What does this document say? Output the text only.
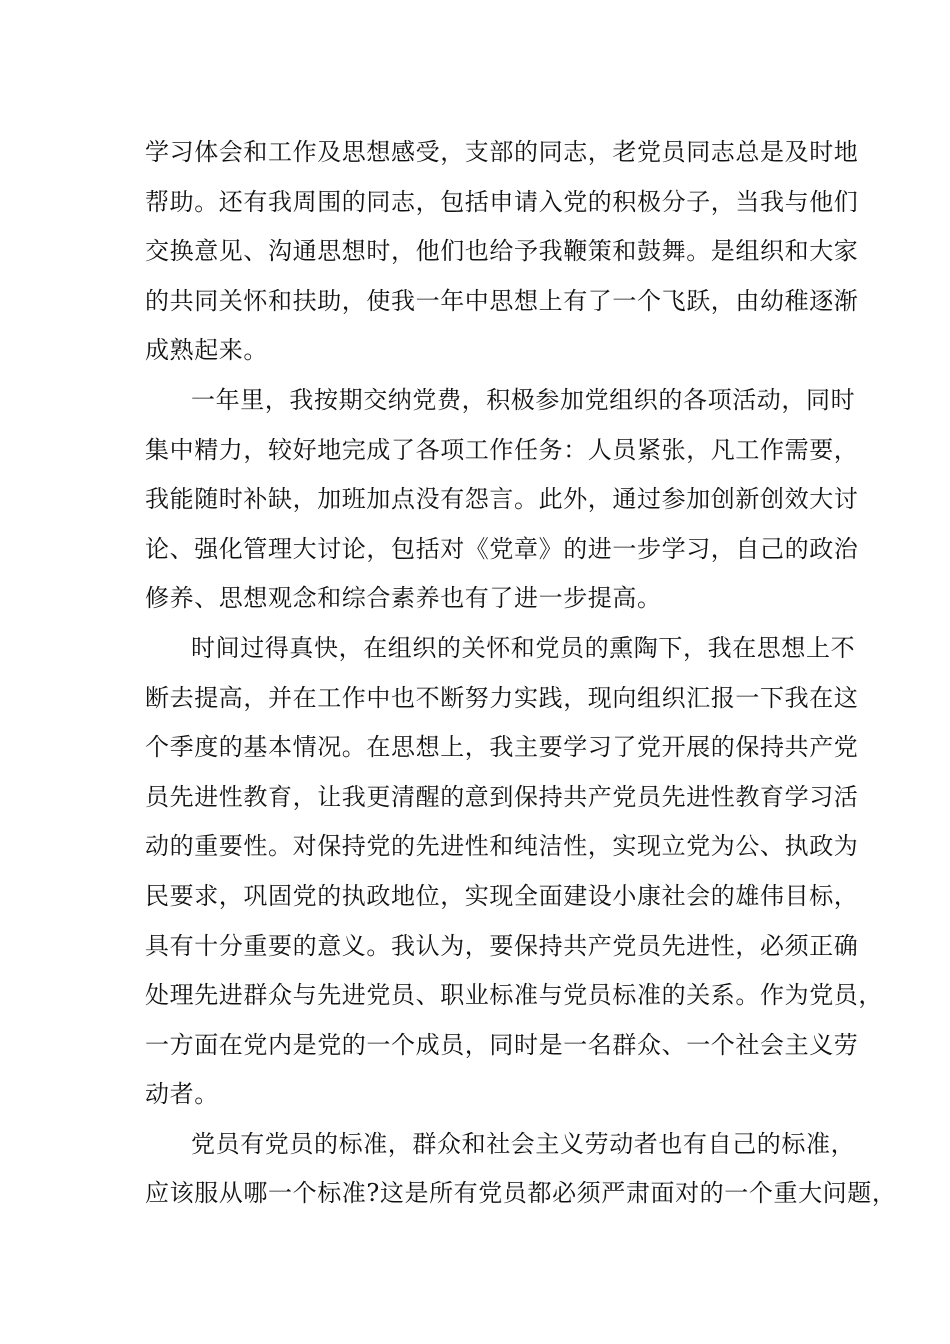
学习体会和工作及思想感受，支部的同志，老党员同志总是及时地
帮助。还有我周围的同志，包括申请入党的积极分子，当我与他们
交换意见、沟通思想时，他们也给予我鞭策和鼓舞。是组织和大家
的共同关怀和扶助，使我一年中思想上有了一个飞跃，由幼稚逐渐
成熟起来。
一年里，我按期交纳党费，积极参加党组织的各项活动，同时
集中精力，较好地完成了各项工作任务：人员紧张，凡工作需要，
我能随时补缺，加班加点没有怨言。此外，通过参加创新创效大讨
论、强化管理大讨论，包括对《党章》的进一步学习，自己的政治
修养、思想观念和综合素养也有了进一步提高。
时间过得真快，在组织的关怀和党员的熏陶下，我在思想上不
断去提高，并在工作中也不断努力实践，现向组织汇报一下我在这
个季度的基本情况。在思想上，我主要学习了党开展的保持共产党
员先进性教育，让我更清醒的意到保持共产党员先进性教育学习活
动的重要性。对保持党的先进性和纯洁性，实现立党为公、执政为
民要求，巩固党的执政地位，实现全面建设小康社会的雄伟目标，
具有十分重要的意义。我认为，要保持共产党员先进性，必须正确
处理先进群众与先进党员、职业标准与党员标准的关系。作为党员，
一方面在党内是党的一个成员，同时是一名群众、一个社会主义劳
动者。
党员有党员的标准，群众和社会主义劳动者也有自己的标准，
应该服从哪一个标准?这是所有党员都必须严肃面对的一个重大问题，
